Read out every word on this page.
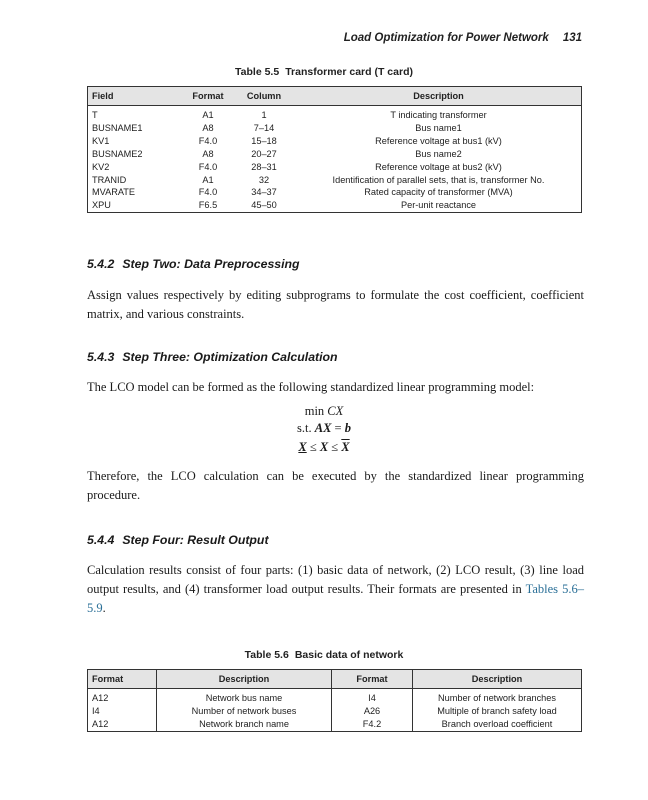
Load Optimization for Power Network 131
Table 5.5 Transformer card (T card)
Field	Format	Column	Description

T	A1	1	T indicating transformer
BUSNAME1	A8	7–14	Bus name1
KV1	F4.0	15–18	Reference voltage at bus1 (kV)
BUSNAME2	A8	20–27	Bus name2
KV2	F4.0	28–31	Reference voltage at bus2 (kV)
TRANID	A1	32	Identification of parallel sets, that is, transformer No.
MVARATE	F4.0	34–37	Rated capacity of transformer (MVA)
XPU	F6.5	45–50	Per-unit reactance
5.4.2 Step Two: Data Preprocessing

Assign values respectively by editing subprograms to formulate the cost coefficient, coefficient matrix, and various constraints.

5.4.3 Step Three: Optimization Calculation

The LCO model can be formed as the following standardized linear programming model:

min CX
s.t. AX = b
$X \le X \le \overline{X}$

Therefore, the LCO calculation can be executed by the standardized linear programming procedure.

5.4.4 Step Four: Result Output

Calculation results consist of four parts: (1) basic data of network, (2) LCO result, (3) line load output results, and (4) transformer load output results. Their formats are presented in Tables 5.6–5.9.

Table 5.6 Basic data of network
Format	Description	Format	Description

A12	Network bus name	I4	Number of network branches
I4	Number of network buses	A26	Multiple of branch safety load
A12	Network branch name	F4.2	Branch overload coefficient
